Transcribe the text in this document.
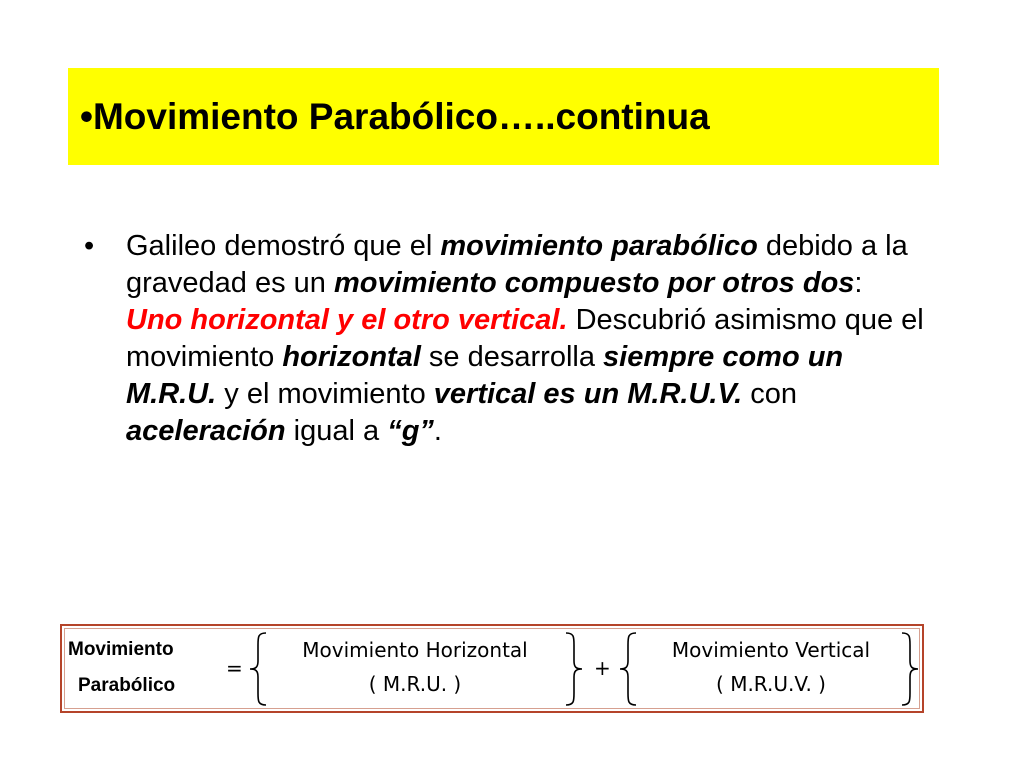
•Movimiento Parabólico…..continua
•	Galileo demostró que el movimiento parabólico debido a la gravedad es un movimiento compuesto por otros dos: Uno horizontal y el otro vertical. Descubrió asimismo que el movimiento horizontal se desarrolla siempre como un M.R.U. y el movimiento vertical es un M.R.U.V. con aceleración igual a “g”.
Movimiento
Parabólico
=
Movimiento Horizontal
( M.R.U. )
+
Movimiento Vertical
( M.R.U.V. )
